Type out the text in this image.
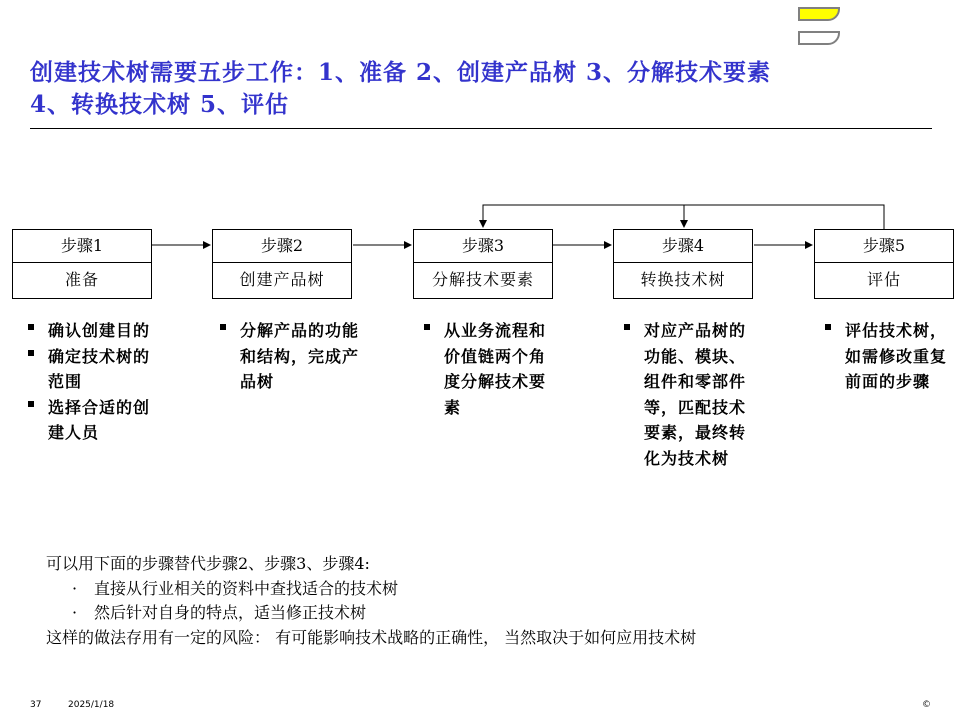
创建技术树需要五步工作：1、准备 2、创建产品树 3、分解技术要素
4、转换技术树 5、评估
步骤1
准备
步骤2
创建产品树
步骤3
分解技术要素
步骤4
转换技术树
步骤5
评估
确认创建目的
确定技术树的范围
选择合适的创建人员
分解产品的功能和结构，完成产品树
从业务流程和价值链两个角度分解技术要素
对应产品树的功能、模块、组件和零部件等，匹配技术要素，最终转化为技术树
评估技术树，如需修改重复前面的步骤
可以用下面的步骤替代步骤2、步骤3、步骤4:
· 直接从行业相关的资料中查找适合的技术树
· 然后针对自身的特点，适当修正技术树
这样的做法存用有一定的风险： 有可能影响技术战略的正确性， 当然取决于如何应用技术树
37	2025/1/18	©
